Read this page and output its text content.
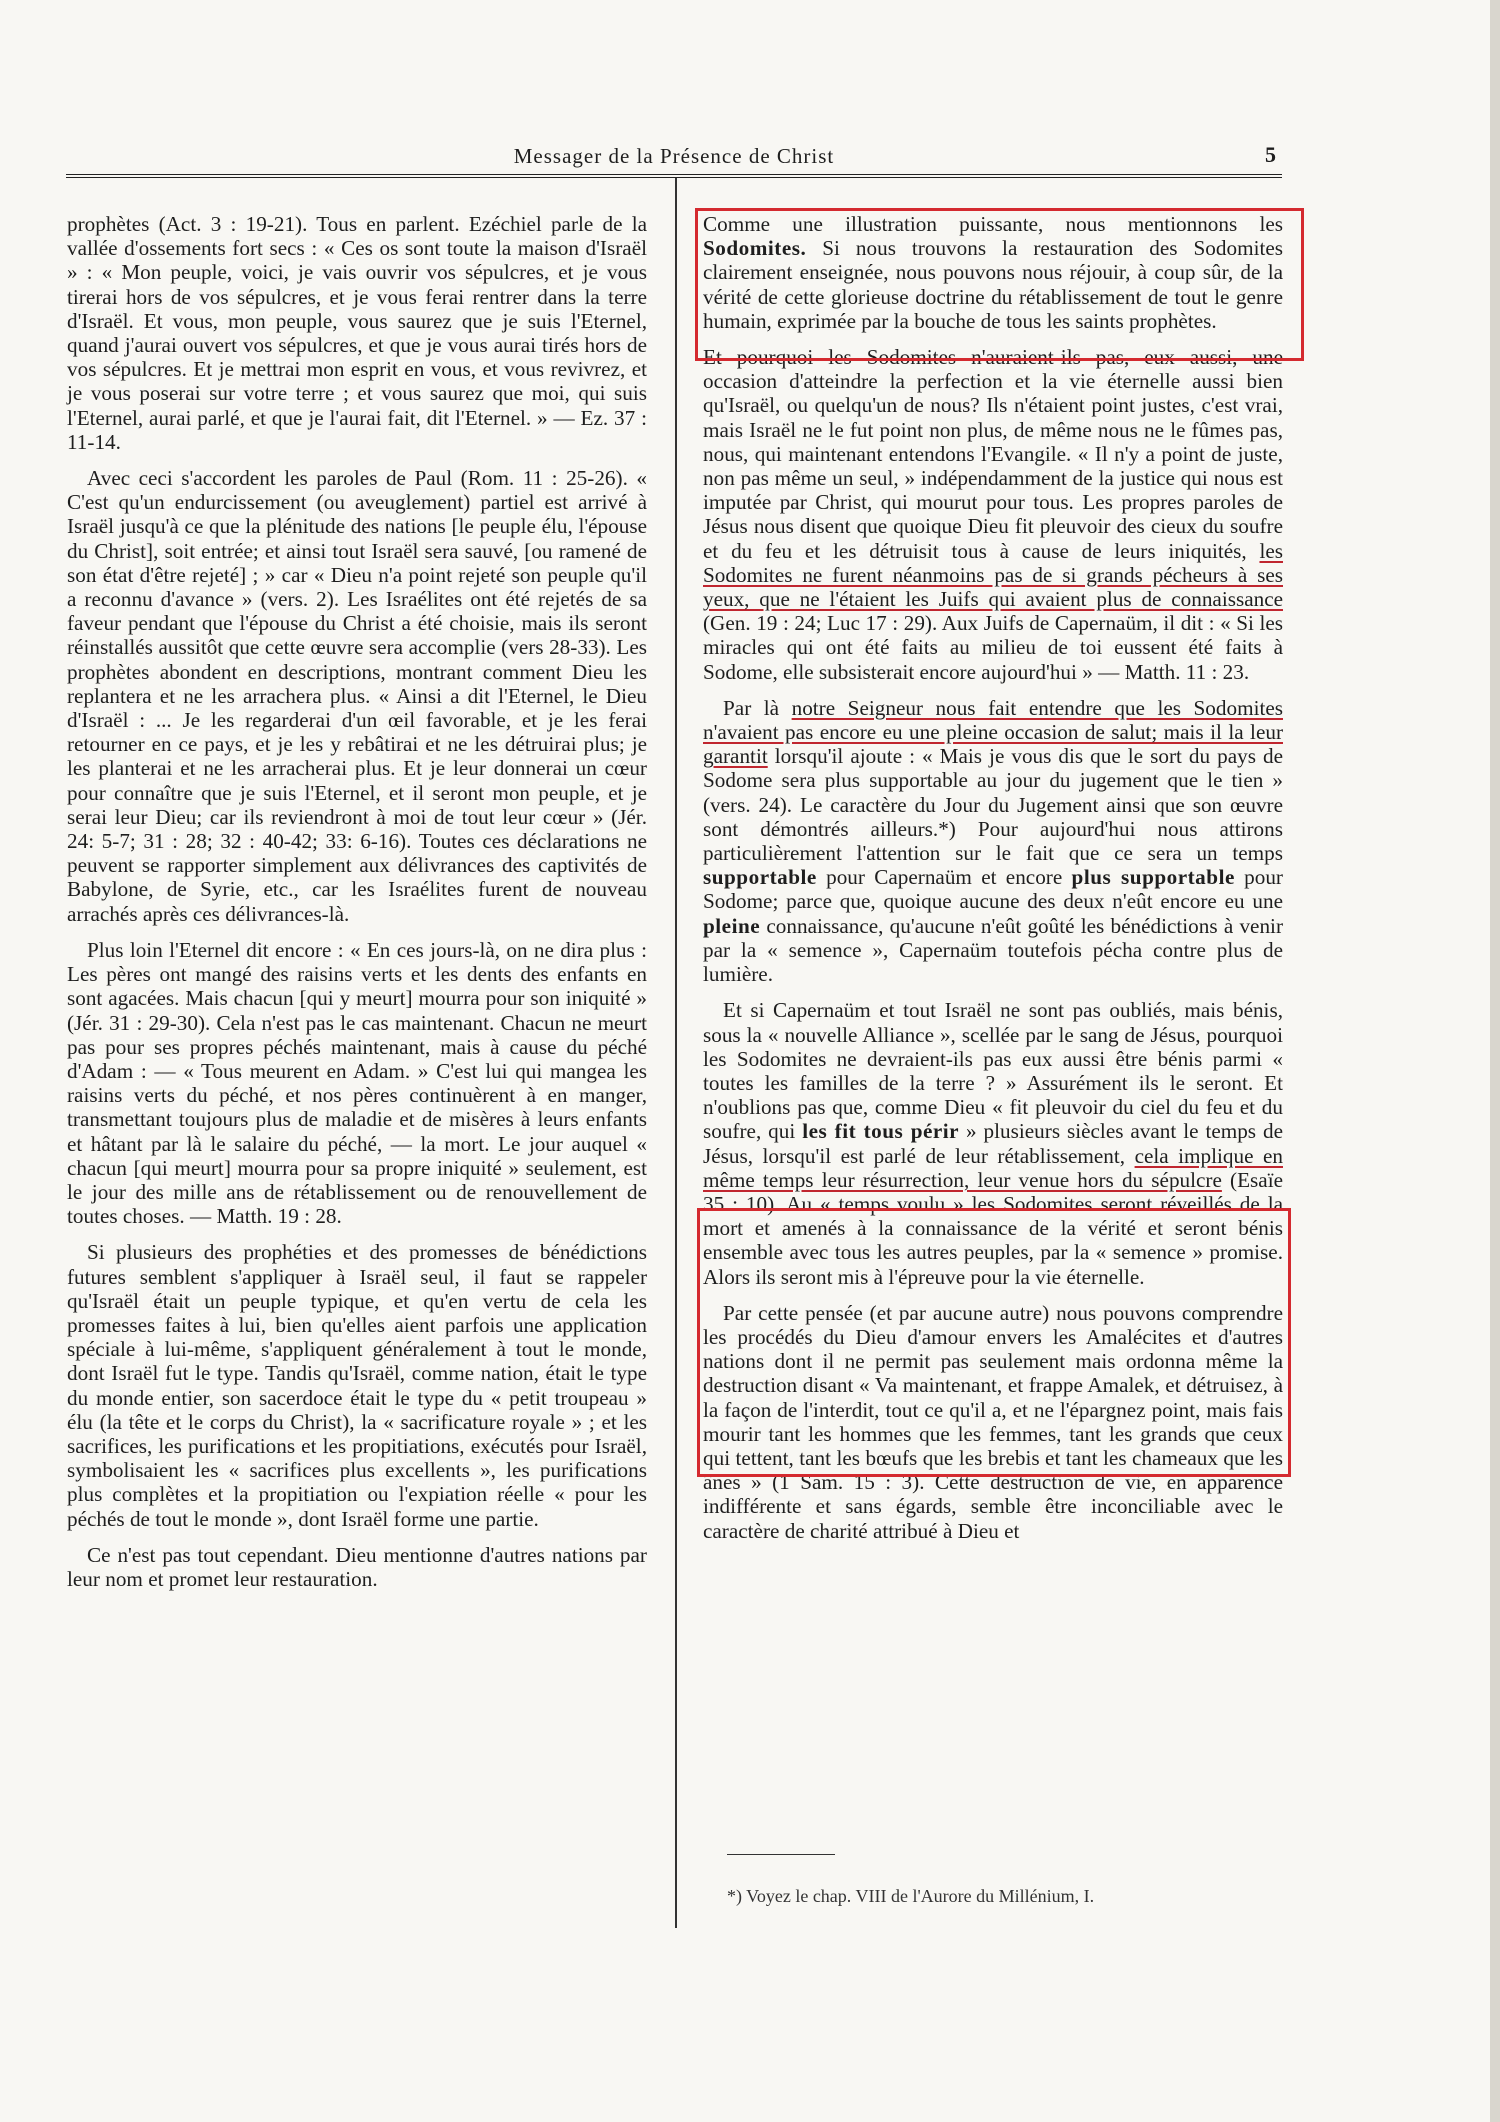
Messager de la Présence de Christ	5

prophètes (Act. 3 : 19-21). Tous en parlent. Ezéchiel parle de la vallée d'ossements fort secs : « Ces os sont toute la maison d'Israël » : « Mon peuple, voici, je vais ouvrir vos sépulcres, et je vous tirerai hors de vos sépulcres, et je vous ferai rentrer dans la terre d'Israël. Et vous, mon peuple, vous saurez que je suis l'Eternel, quand j'aurai ouvert vos sépulcres, et que je vous aurai tirés hors de vos sépulcres. Et je mettrai mon esprit en vous, et vous revivrez, et je vous poserai sur votre terre ; et vous saurez que moi, qui suis l'Eternel, aurai parlé, et que je l'aurai fait, dit l'Eternel. » — Ez. 37 : 11-14.

Avec ceci s'accordent les paroles de Paul (Rom. 11 : 25-26). « C'est qu'un endurcissement (ou aveuglement) partiel est arrivé à Israël jusqu'à ce que la plénitude des nations [le peuple élu, l'épouse du Christ], soit entrée; et ainsi tout Israël sera sauvé, [ou ramené de son état d'être rejeté] ; » car « Dieu n'a point rejeté son peuple qu'il a reconnu d'avance » (vers. 2). Les Israélites ont été rejetés de sa faveur pendant que l'épouse du Christ a été choisie, mais ils seront réinstallés aussitôt que cette œuvre sera accomplie (vers 28-33). Les prophètes abondent en descriptions, montrant comment Dieu les replantera et ne les arrachera plus. « Ainsi a dit l'Eternel, le Dieu d'Israël : ... Je les regarderai d'un œil favorable, et je les ferai retourner en ce pays, et je les y rebâtirai et ne les détruirai plus; je les planterai et ne les arracherai plus. Et je leur donnerai un cœur pour connaître que je suis l'Eternel, et il seront mon peuple, et je serai leur Dieu; car ils reviendront à moi de tout leur cœur » (Jér. 24: 5-7; 31 : 28; 32 : 40-42; 33: 6-16). Toutes ces déclarations ne peuvent se rapporter simplement aux délivrances des captivités de Babylone, de Syrie, etc., car les Israélites furent de nouveau arrachés après ces délivrances-là.

Plus loin l'Eternel dit encore : « En ces jours-là, on ne dira plus : Les pères ont mangé des raisins verts et les dents des enfants en sont agacées. Mais chacun [qui y meurt] mourra pour son iniquité » (Jér. 31 : 29-30). Cela n'est pas le cas maintenant. Chacun ne meurt pas pour ses propres péchés maintenant, mais à cause du péché d'Adam : — « Tous meurent en Adam. » C'est lui qui mangea les raisins verts du péché, et nos pères continuèrent à en manger, transmettant toujours plus de maladie et de misères à leurs enfants et hâtant par là le salaire du péché, — la mort. Le jour auquel « chacun [qui meurt] mourra pour sa propre iniquité » seulement, est le jour des mille ans de rétablissement ou de renouvellement de toutes choses. — Matth. 19 : 28.

Si plusieurs des prophéties et des promesses de bénédictions futures semblent s'appliquer à Israël seul, il faut se rappeler qu'Israël était un peuple typique, et qu'en vertu de cela les promesses faites à lui, bien qu'elles aient parfois une application spéciale à lui-même, s'appliquent généralement à tout le monde, dont Israël fut le type. Tandis qu'Israël, comme nation, était le type du monde entier, son sacerdoce était le type du « petit troupeau » élu (la tête et le corps du Christ), la « sacrificature royale » ; et les sacrifices, les purifications et les propitiations, exécutés pour Israël, symbolisaient les « sacrifices plus excellents », les purifications plus complètes et la propitiation ou l'expiation réelle « pour les péchés de tout le monde », dont Israël forme une partie.

Ce n'est pas tout cependant. Dieu mentionne d'autres nations par leur nom et promet leur restauration.

Comme une illustration puissante, nous mentionnons les Sodomites. Si nous trouvons la restauration des Sodomites clairement enseignée, nous pouvons nous réjouir, à coup sûr, de la vérité de cette glorieuse doctrine du rétablissement de tout le genre humain, exprimée par la bouche de tous les saints prophètes.

Et pourquoi les Sodomites n'auraient-ils pas, eux aussi, une occasion d'atteindre la perfection et la vie éternelle aussi bien qu'Israël, ou quelqu'un de nous? Ils n'étaient point justes, c'est vrai, mais Israël ne le fut point non plus, de même nous ne le fûmes pas, nous, qui maintenant entendons l'Evangile. « Il n'y a point de juste, non pas même un seul, » indépendamment de la justice qui nous est imputée par Christ, qui mourut pour tous. Les propres paroles de Jésus nous disent que quoique Dieu fit pleuvoir des cieux du soufre et du feu et les détruisit tous à cause de leurs iniquités, les Sodomites ne furent néanmoins pas de si grands pécheurs à ses yeux, que ne l'étaient les Juifs qui avaient plus de connaissance (Gen. 19 : 24; Luc 17 : 29). Aux Juifs de Capernaüm, il dit : « Si les miracles qui ont été faits au milieu de toi eussent été faits à Sodome, elle subsisterait encore aujourd'hui » — Matth. 11 : 23.

Par là notre Seigneur nous fait entendre que les Sodomites n'avaient pas encore eu une pleine occasion de salut; mais il la leur garantit lorsqu'il ajoute : « Mais je vous dis que le sort du pays de Sodome sera plus supportable au jour du jugement que le tien » (vers. 24). Le caractère du Jour du Jugement ainsi que son œuvre sont démontrés ailleurs.*) Pour aujourd'hui nous attirons particulièrement l'attention sur le fait que ce sera un temps supportable pour Capernaüm et encore plus supportable pour Sodome; parce que, quoique aucune des deux n'eût encore eu une pleine connaissance, qu'aucune n'eût goûté les bénédictions à venir par la « semence », Capernaüm toutefois pécha contre plus de lumière.

Et si Capernaüm et tout Israël ne sont pas oubliés, mais bénis, sous la « nouvelle Alliance », scellée par le sang de Jésus, pourquoi les Sodomites ne devraient-ils pas eux aussi être bénis parmi « toutes les familles de la terre ? » Assurément ils le seront. Et n'oublions pas que, comme Dieu « fit pleuvoir du ciel du feu et du soufre, qui les fit tous périr » plusieurs siècles avant le temps de Jésus, lorsqu'il est parlé de leur rétablissement, cela implique en même temps leur résurrection, leur venue hors du sépulcre (Esaïe 35 : 10). Au « temps voulu » les Sodomites seront réveillés de la mort et amenés à la connaissance de la vérité et seront bénis ensemble avec tous les autres peuples, par la « semence » promise. Alors ils seront mis à l'épreuve pour la vie éternelle.

Par cette pensée (et par aucune autre) nous pouvons comprendre les procédés du Dieu d'amour envers les Amalécites et d'autres nations dont il ne permit pas seulement mais ordonna même la destruction disant « Va maintenant, et frappe Amalek, et détruisez, à la façon de l'interdit, tout ce qu'il a, et ne l'épargnez point, mais fais mourir tant les hommes que les femmes, tant les grands que ceux qui tettent, tant les bœufs que les brebis et tant les chameaux que les ânes » (1 Sam. 15 : 3). Cette destruction de vie, en apparence indifférente et sans égards, semble être inconciliable avec le caractère de charité attribué à Dieu et

*) Voyez le chap. VIII de l'Aurore du Millénium, I.
